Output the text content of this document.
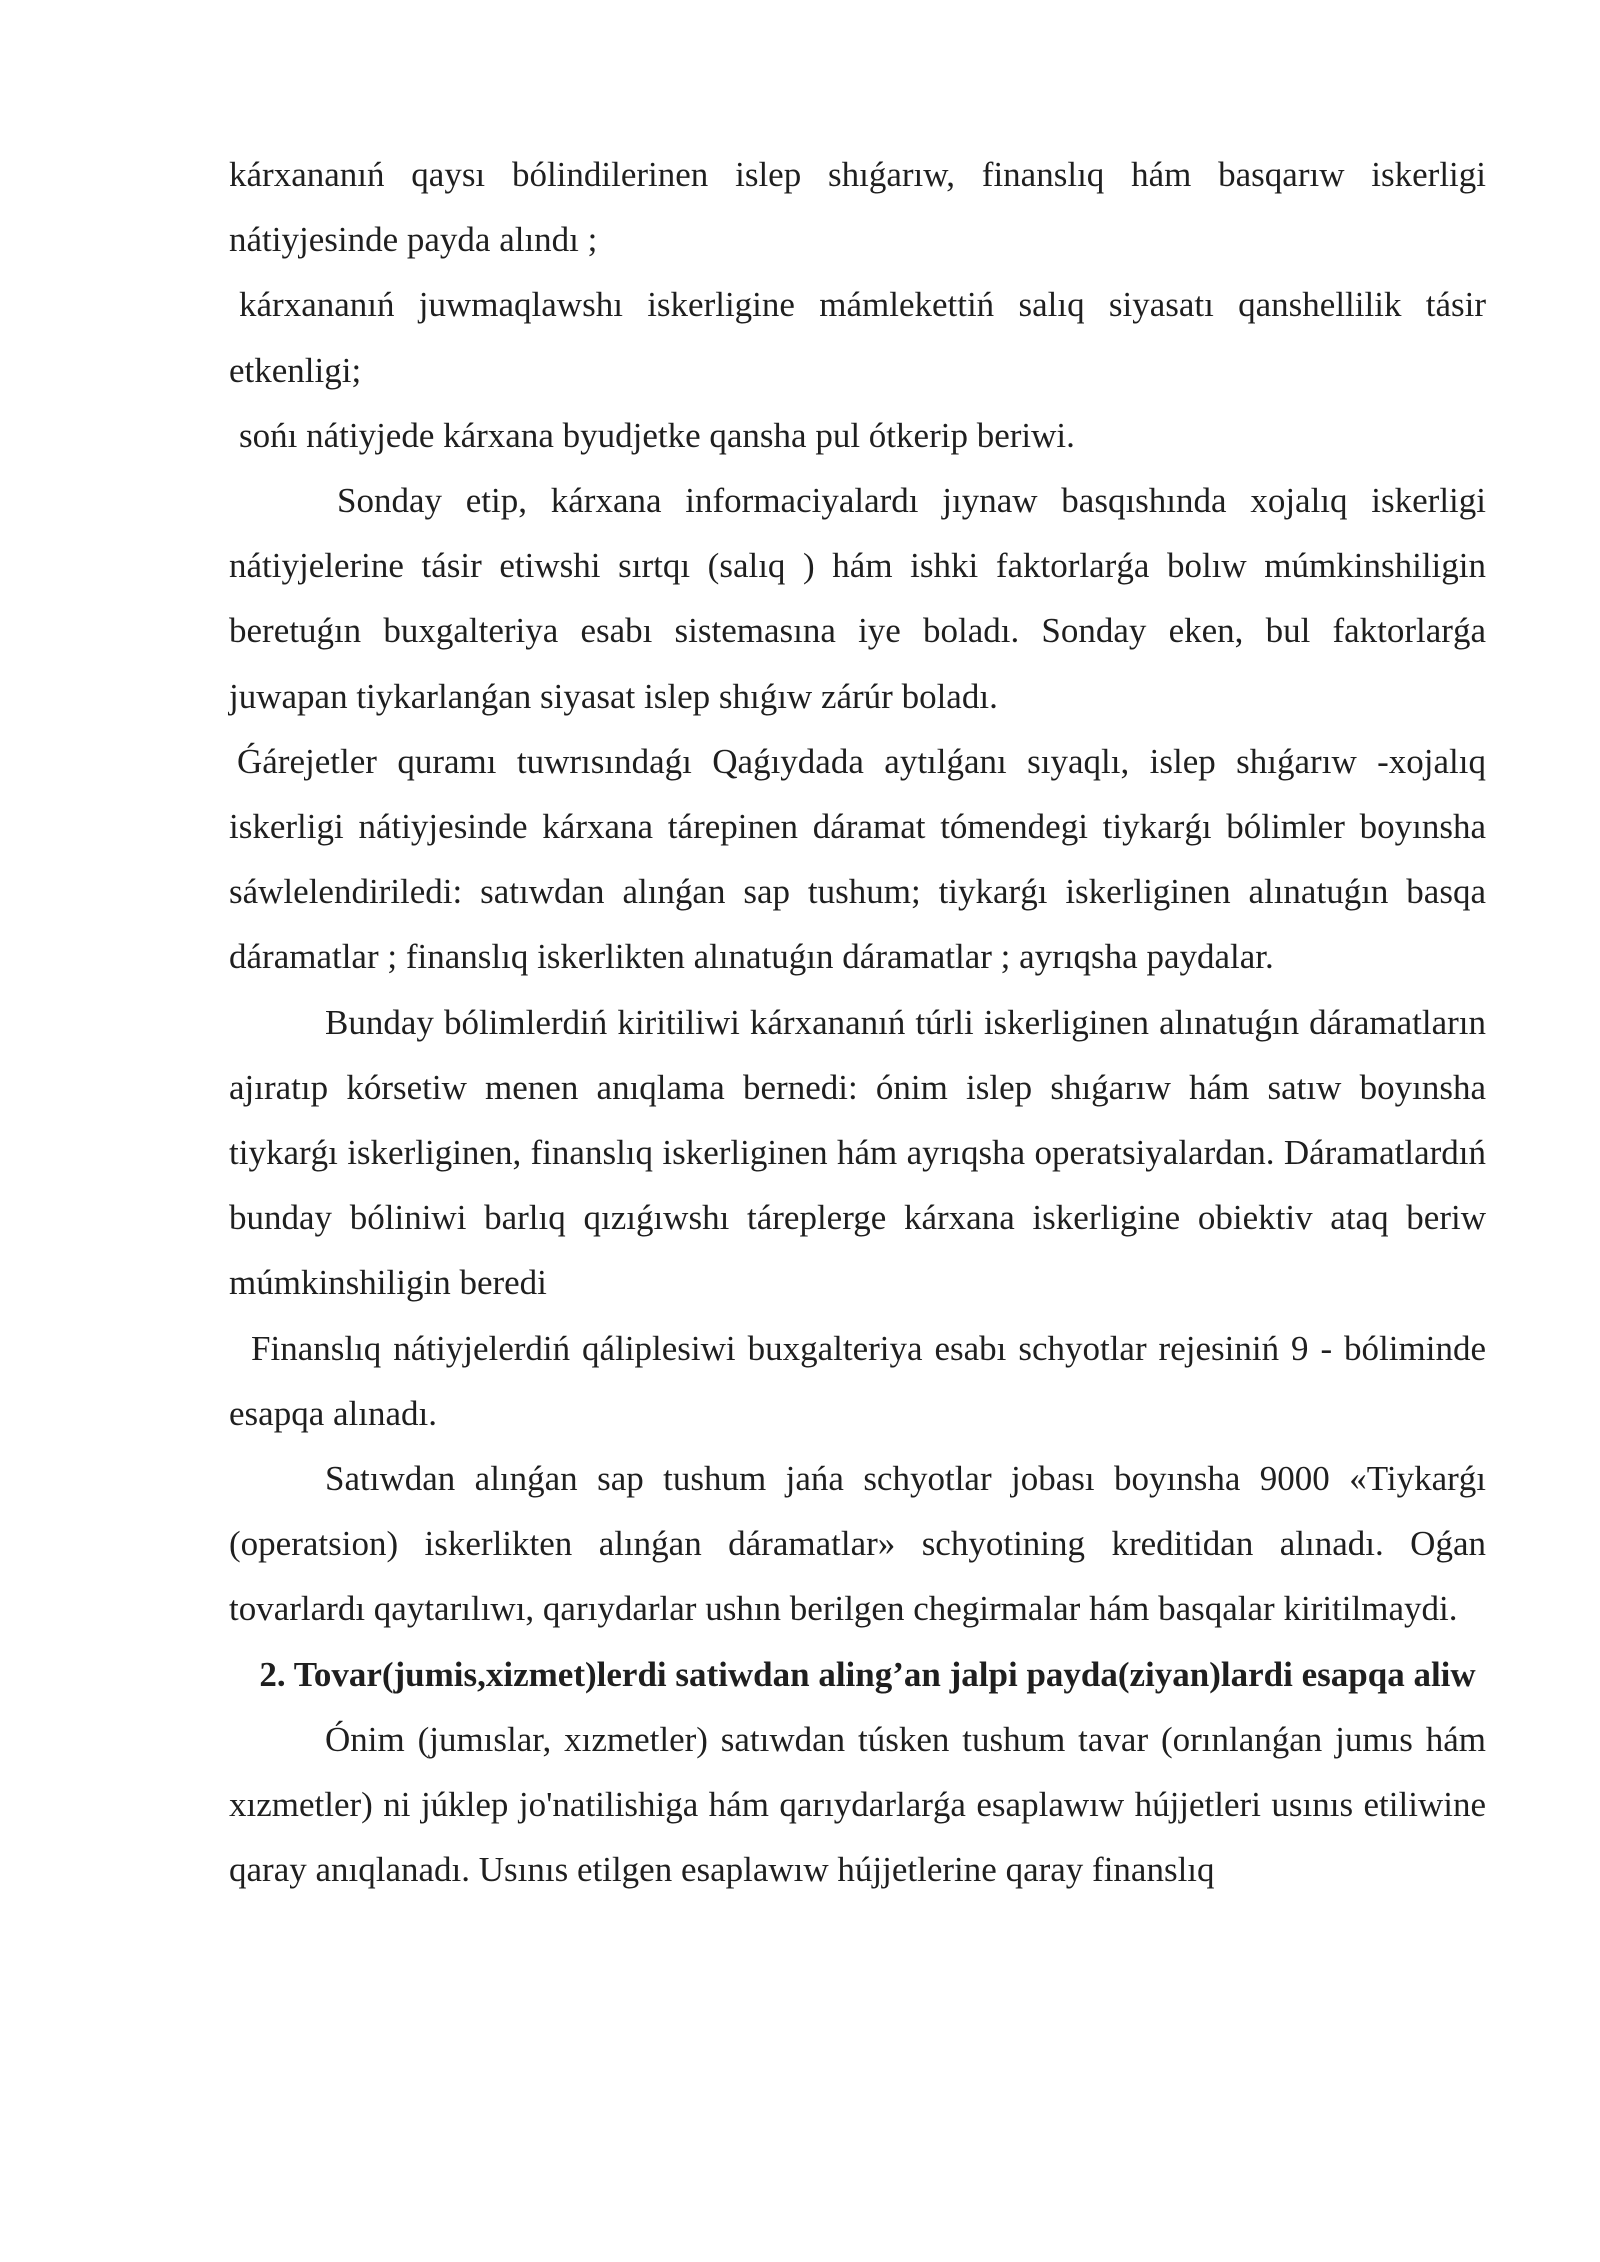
kárxananıń qaysı bólindilerinen islep shıǵarıw, finanslıq hám basqarıw iskerligi nátiyjesinde payda alındı ;

kárxananıń juwmaqlawshı iskerligine mámlekettiń salıq siyasatı qanshellilik tásir etkenligi;

sońı nátiyjede kárxana byudjetke qansha pul ótkerip beriwi.

Sonday etip, kárxana informaciyalardı jıynaw basqıshında xojalıq iskerligi nátiyjelerine tásir etiwshi sırtqı (salıq ) hám ishki faktorlarǵa bolıw múmkinshiligin beretuǵın buxgalteriya esabı sistemasına iye boladı. Sonday eken, bul faktorlarǵa juwapan tiykarlanǵan siyasat islep shıǵıw zárúr boladı.

Ǵárejetler quramı tuwrısındaǵı Qaǵıydada aytılǵanı sıyaqlı, islep shıǵarıw -xojalıq iskerligi nátiyjesinde kárxana tárepinen dáramat tómendegi tiykarǵı bólimler boyınsha sáwlelendiriledi: satıwdan alınǵan sap tushum; tiykarǵı iskerliginen alınatuǵın basqa dáramatlar ; finanslıq iskerlikten alınatuǵın dáramatlar ; ayrıqsha paydalar.

Bunday bólimlerdiń kiritiliwi kárxananıń túrli iskerliginen alınatuǵın dáramatların ajıratıp kórsetiw menen anıqlama bernedi: ónim islep shıǵarıw hám satıw boyınsha tiykarǵı iskerliginen, finanslıq iskerliginen hám ayrıqsha operatsiyalardan. Dáramatlardıń bunday bóliniwi barlıq qızıǵıwshı táreplerge kárxana iskerligine obiektiv ataq beriw múmkinshiligin beredi

Finanslıq nátiyjelerdiń qáliplesiwi buxgalteriya esabı schyotlar rejesiniń 9 - bóliminde esapqa alınadı.

Satıwdan alınǵan sap tushum jańa schyotlar jobası boyınsha 9000 «Tiykarǵı (operatsion) iskerlikten alınǵan dáramatlar» schyotining kreditidan alınadı. Oǵan tovarlardı qaytarılıwı, qarıydarlar ushın berilgen chegirmalar hám basqalar kiritilmaydi.

2. Tovar(jumis,xizmet)lerdi satiwdan aling’an jalpi payda(ziyan)lardi esapqa aliw

Ónim (jumıslar, xızmetler) satıwdan túsken tushum tavar (orınlanǵan jumıs hám xızmetler) ni júklep jo'natilishiga hám qarıydarlarǵa esaplawıw hújjetleri usınıs etiliwine qaray anıqlanadı. Usınıs etilgen esaplawıw hújjetlerine qaray finanslıq
